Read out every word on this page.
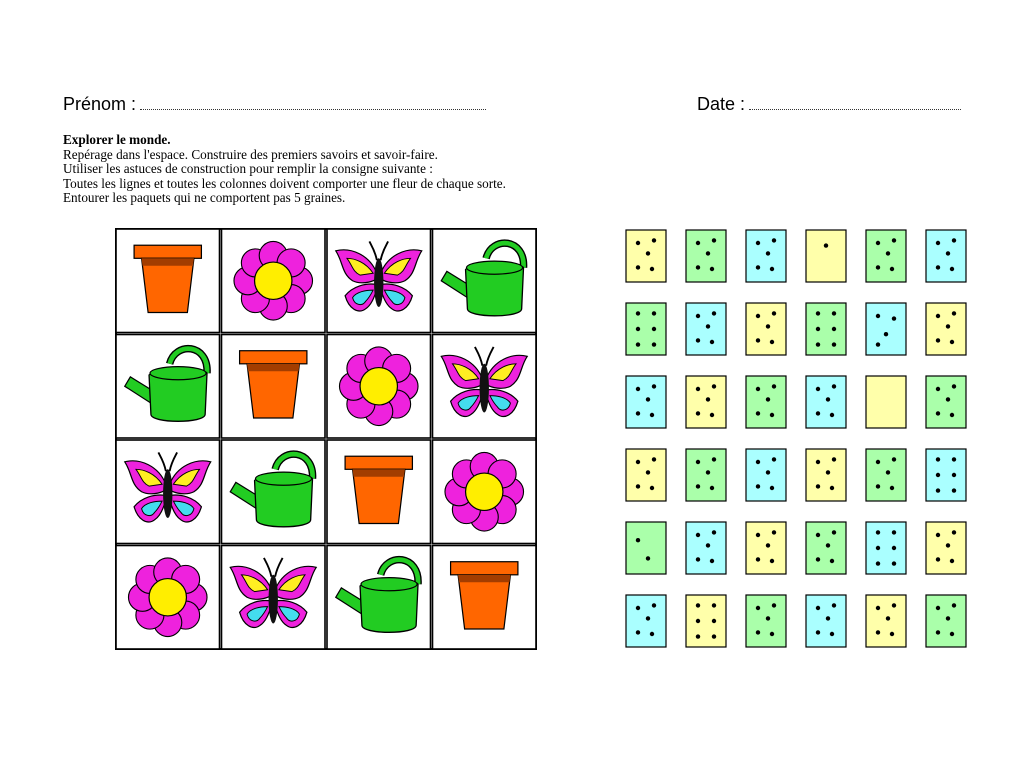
Prénom :	Date :
Explorer le monde.
Repérage dans l'espace. Construire des premiers savoirs et savoir-faire.
Utiliser les astuces de construction pour remplir la consigne suivante :
Toutes les lignes et toutes les colonnes doivent comporter une fleur de chaque sorte.
Entourer les paquets qui ne comportent pas 5 graines.
